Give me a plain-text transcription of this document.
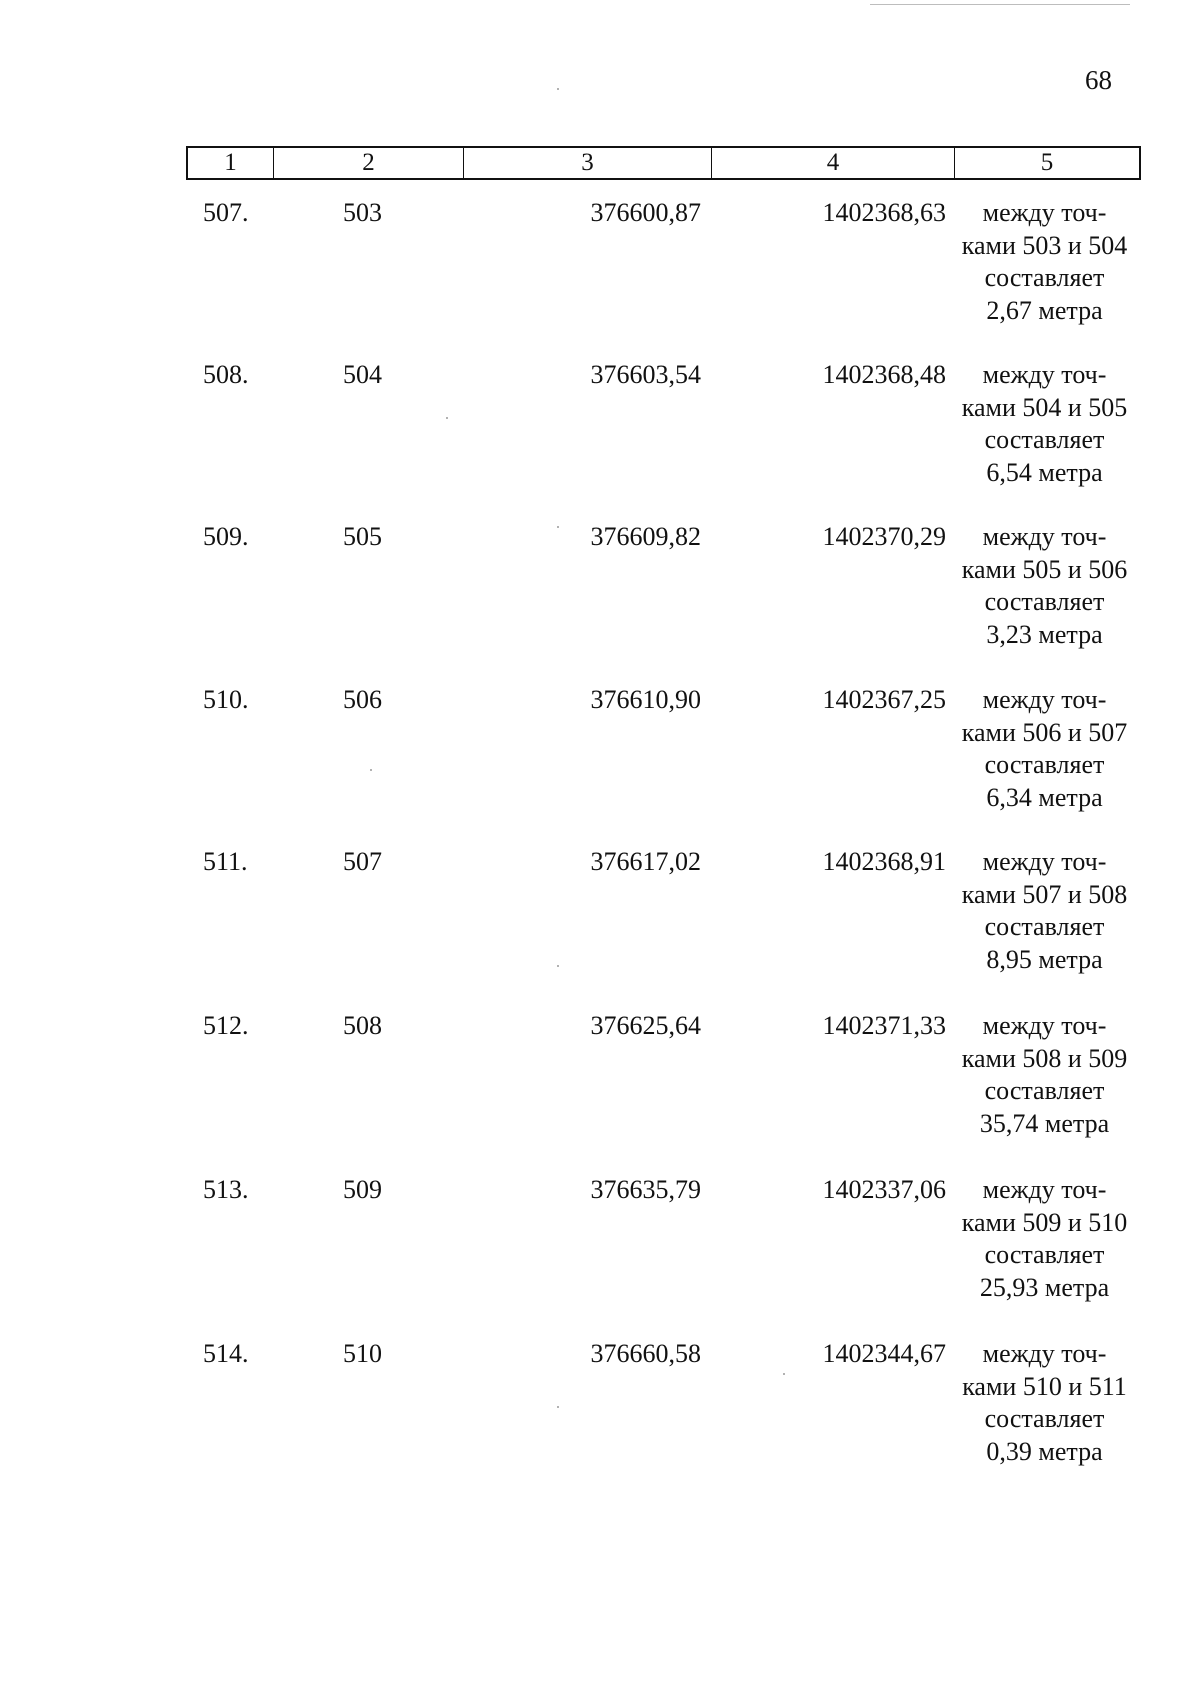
68
1	2	3	4	5
507.	503	376600,87	1402368,63	между точ-
ками 503 и 504
составляет
2,67 метра
508.	504	376603,54	1402368,48	между точ-
ками 504 и 505
составляет
6,54 метра
509.	505	376609,82	1402370,29	между точ-
ками 505 и 506
составляет
3,23 метра
510.	506	376610,90	1402367,25	между точ-
ками 506 и 507
составляет
6,34 метра
511.	507	376617,02	1402368,91	между точ-
ками 507 и 508
составляет
8,95 метра
512.	508	376625,64	1402371,33	между точ-
ками 508 и 509
составляет
35,74 метра
513.	509	376635,79	1402337,06	между точ-
ками 509 и 510
составляет
25,93 метра
514.	510	376660,58	1402344,67	между точ-
ками 510 и 511
составляет
0,39 метра
